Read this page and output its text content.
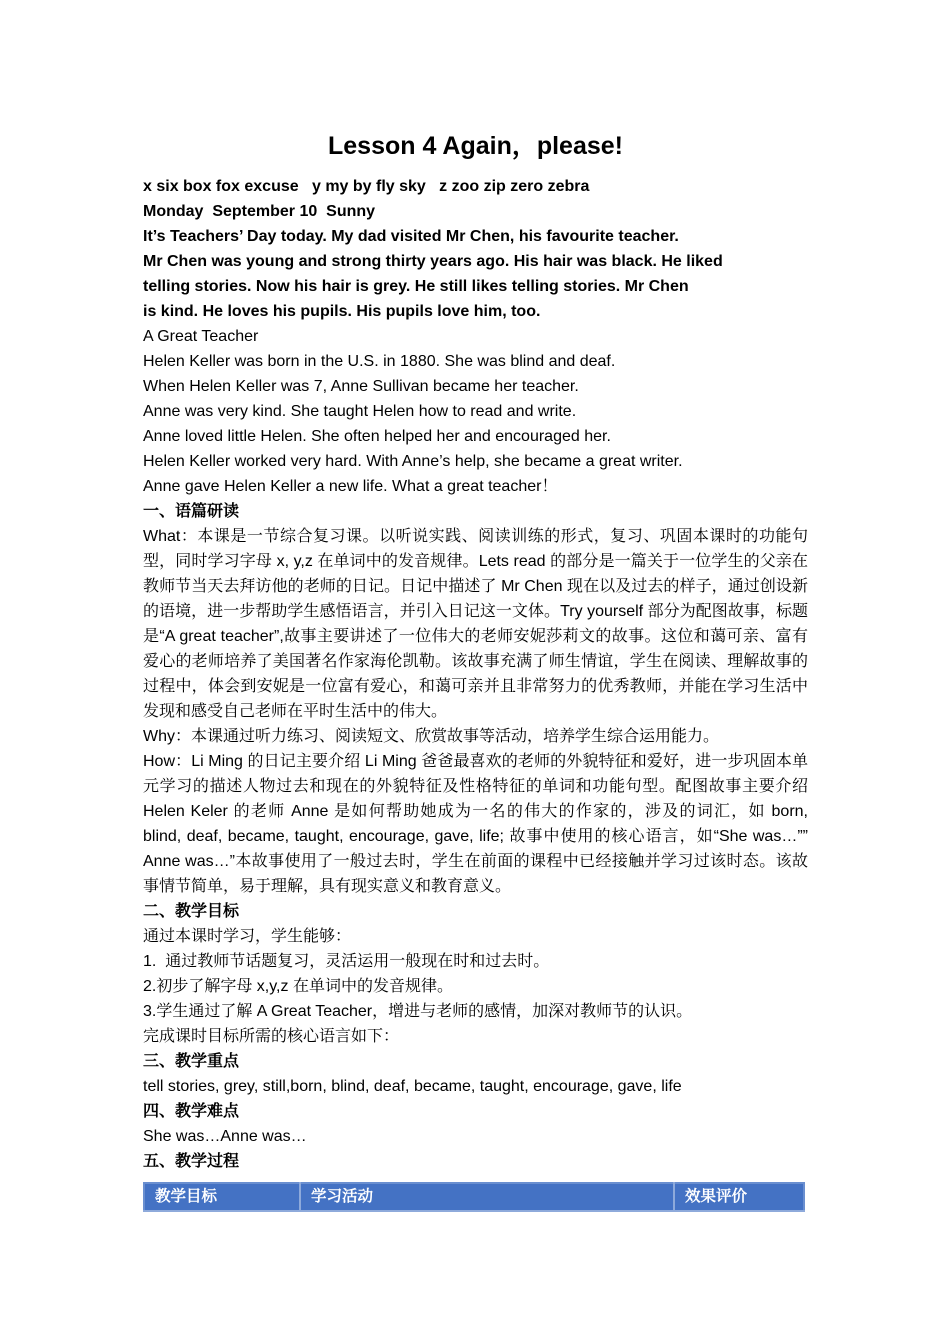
Lesson 4 Again，please!
x six box fox excuse   y my by fly sky   z zoo zip zero zebra
Monday  September 10  Sunny
It’s Teachers’ Day today. My dad visited Mr Chen, his favourite teacher.
Mr Chen was young and strong thirty years ago. His hair was black. He liked
telling stories. Now his hair is grey. He still likes telling stories. Mr Chen
is kind. He loves his pupils. His pupils love him, too.
A Great Teacher
Helen Keller was born in the U.S. in 1880. She was blind and deaf.
When Helen Keller was 7, Anne Sullivan became her teacher.
Anne was very kind. She taught Helen how to read and write.
Anne loved little Helen. She often helped her and encouraged her.
Helen Keller worked very hard. With Anne’s help, she became a great writer.
Anne gave Helen Keller a new life. What a great teacher！
一、语篇研读

What：本课是一节综合复习课。以听说实践、阅读训练的形式，复习、巩固本课时的功能句型，同时学习字母 x, y,z 在单词中的发音规律。Lets read 的部分是一篇关于一位学生的父亲在教师节当天去拜访他的老师的日记。日记中描述了 Mr Chen 现在以及过去的样子，通过创设新的语境，进一步帮助学生感悟语言，并引入日记这一文体。Try yourself 部分为配图故事，标题是“A great teacher”,故事主要讲述了一位伟大的老师安妮莎莉文的故事。这位和蔼可亲、富有爱心的老师培养了美国著名作家海伦凯勒。该故事充满了师生情谊，学生在阅读、理解故事的过程中，体会到安妮是一位富有爱心，和蔼可亲并且非常努力的优秀教师，并能在学习生活中发现和感受自己老师在平时生活中的伟大。

Why：本课通过听力练习、阅读短文、欣赏故事等活动，培养学生综合运用能力。

How：Li Ming 的日记主要介绍 Li Ming 爸爸最喜欢的老师的外貌特征和爱好，进一步巩固本单元学习的描述人物过去和现在的外貌特征及性格特征的单词和功能句型。配图故事主要介绍 Helen Keler 的老师 Anne 是如何帮助她成为一名的伟大的作家的，涉及的词汇，如 born, blind, deaf, became, taught, encourage, gave, life; 故事中使用的核心语言，如“She was…”” Anne was…”本故事使用了一般过去时，学生在前面的课程中已经接触并学习过该时态。该故事情节简单，易于理解，具有现实意义和教育意义。

二、教学目标
通过本课时学习，学生能够：
1.  通过教师节话题复习，灵活运用一般现在时和过去时。
2.初步了解字母 x,y,z 在单词中的发音规律。
3.学生通过了解 A Great Teacher，增进与老师的感情，加深对教师节的认识。
完成课时目标所需的核心语言如下：
三、教学重点
tell stories, grey, still,born, blind, deaf, became, taught, encourage, gave, life
四、教学难点
She was…Anne was…
五、教学过程
教学目标	学习活动	效果评价
